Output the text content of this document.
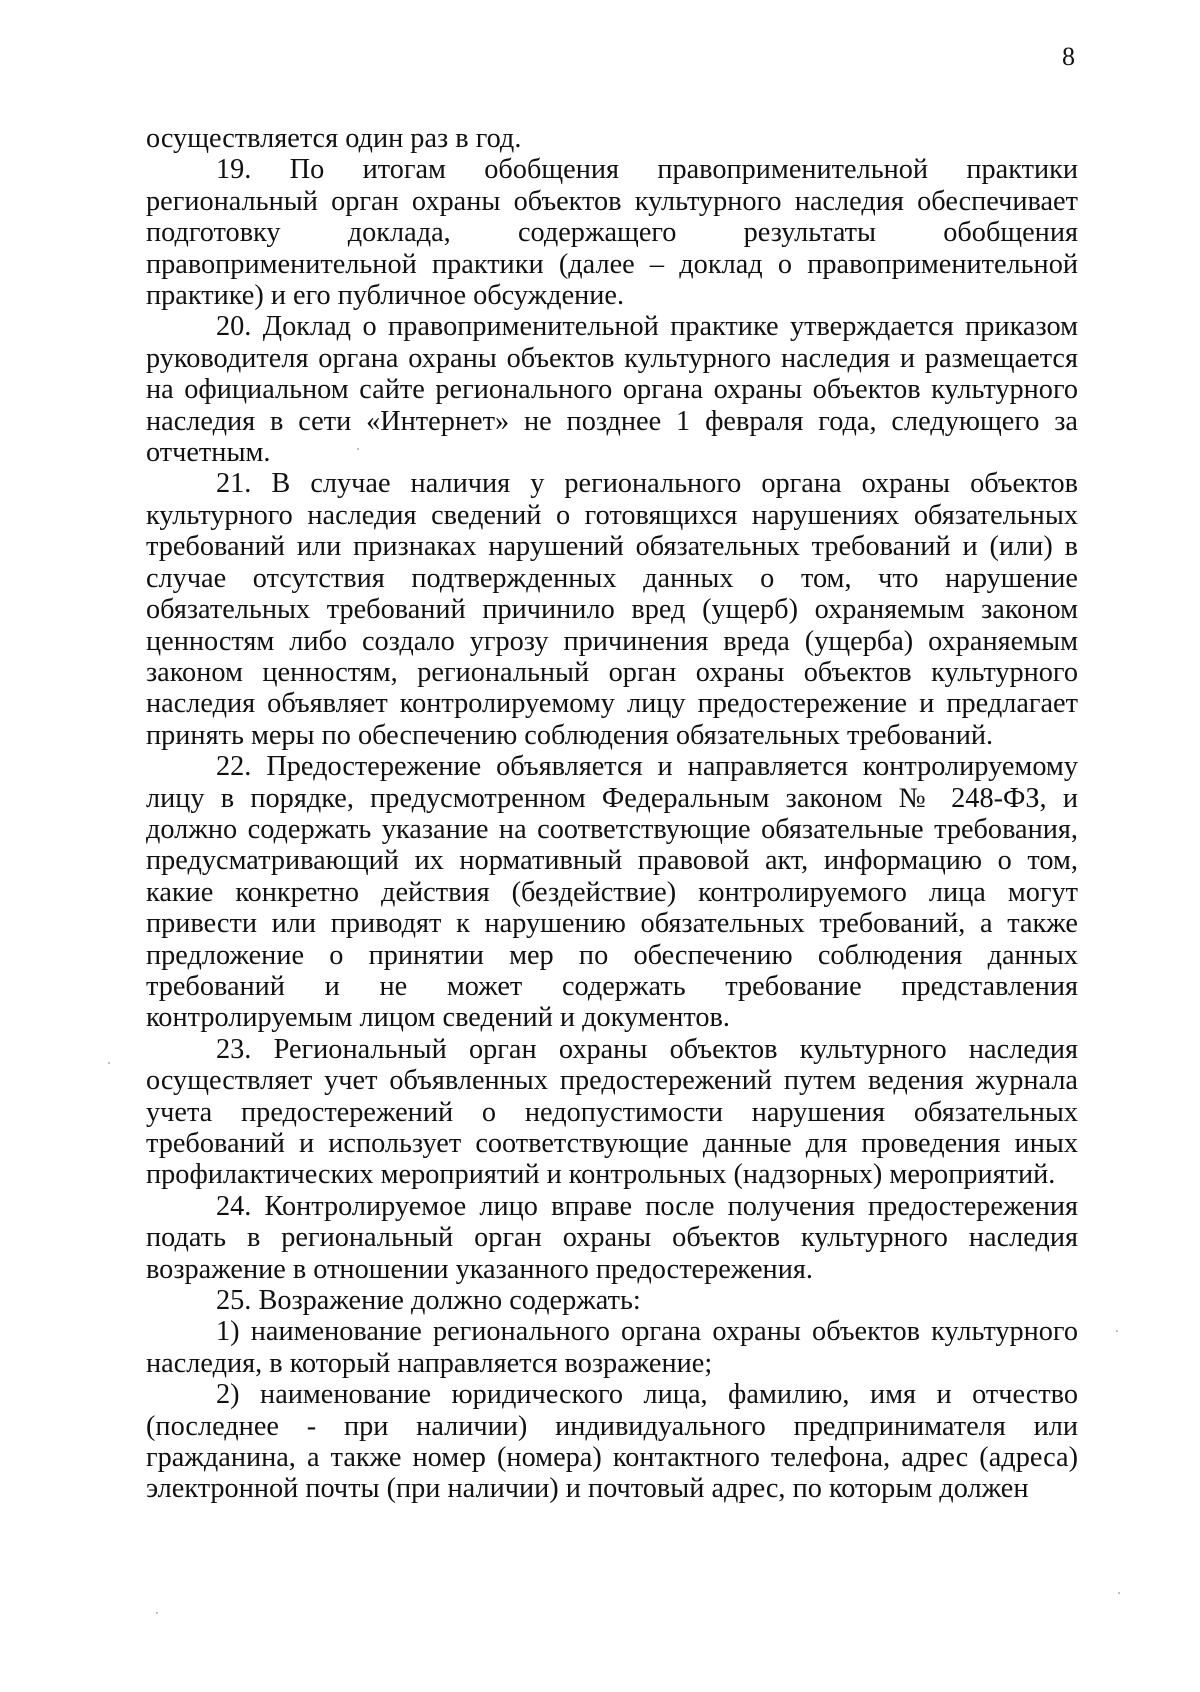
8

осуществляется один раз в год.

19. По итогам обобщения правоприменительной практики региональный орган охраны объектов культурного наследия обеспечивает подготовку доклада, содержащего результаты обобщения правоприменительной практики (далее – доклад о правоприменительной практике) и его публичное обсуждение.

20. Доклад о правоприменительной практике утверждается приказом руководителя органа охраны объектов культурного наследия и размещается на официальном сайте регионального органа охраны объектов культурного наследия в сети «Интернет» не позднее 1 февраля года, следующего за отчетным.

21. В случае наличия у регионального органа охраны объектов культурного наследия сведений о готовящихся нарушениях обязательных требований или признаках нарушений обязательных требований и (или) в случае отсутствия подтвержденных данных о том, что нарушение обязательных требований причинило вред (ущерб) охраняемым законом ценностям либо создало угрозу причинения вреда (ущерба) охраняемым законом ценностям, региональный орган охраны объектов культурного наследия объявляет контролируемому лицу предостережение и предлагает принять меры по обеспечению соблюдения обязательных требований.

22. Предостережение объявляется и направляется контролируемому лицу в порядке, предусмотренном Федеральным законом № 248-ФЗ, и должно содержать указание на соответствующие обязательные требования, предусматривающий их нормативный правовой акт, информацию о том, какие конкретно действия (бездействие) контролируемого лица могут привести или приводят к нарушению обязательных требований, а также предложение о принятии мер по обеспечению соблюдения данных требований и не может содержать требование представления контролируемым лицом сведений и документов.

23. Региональный орган охраны объектов культурного наследия осуществляет учет объявленных предостережений путем ведения журнала учета предостережений о недопустимости нарушения обязательных требований и использует соответствующие данные для проведения иных профилактических мероприятий и контрольных (надзорных) мероприятий.

24. Контролируемое лицо вправе после получения предостережения подать в региональный орган охраны объектов культурного наследия возражение в отношении указанного предостережения.

25. Возражение должно содержать:

1) наименование регионального органа охраны объектов культурного наследия, в который направляется возражение;

2) наименование юридического лица, фамилию, имя и отчество (последнее - при наличии) индивидуального предпринимателя или гражданина, а также номер (номера) контактного телефона, адрес (адреса) электронной почты (при наличии) и почтовый адрес, по которым должен
